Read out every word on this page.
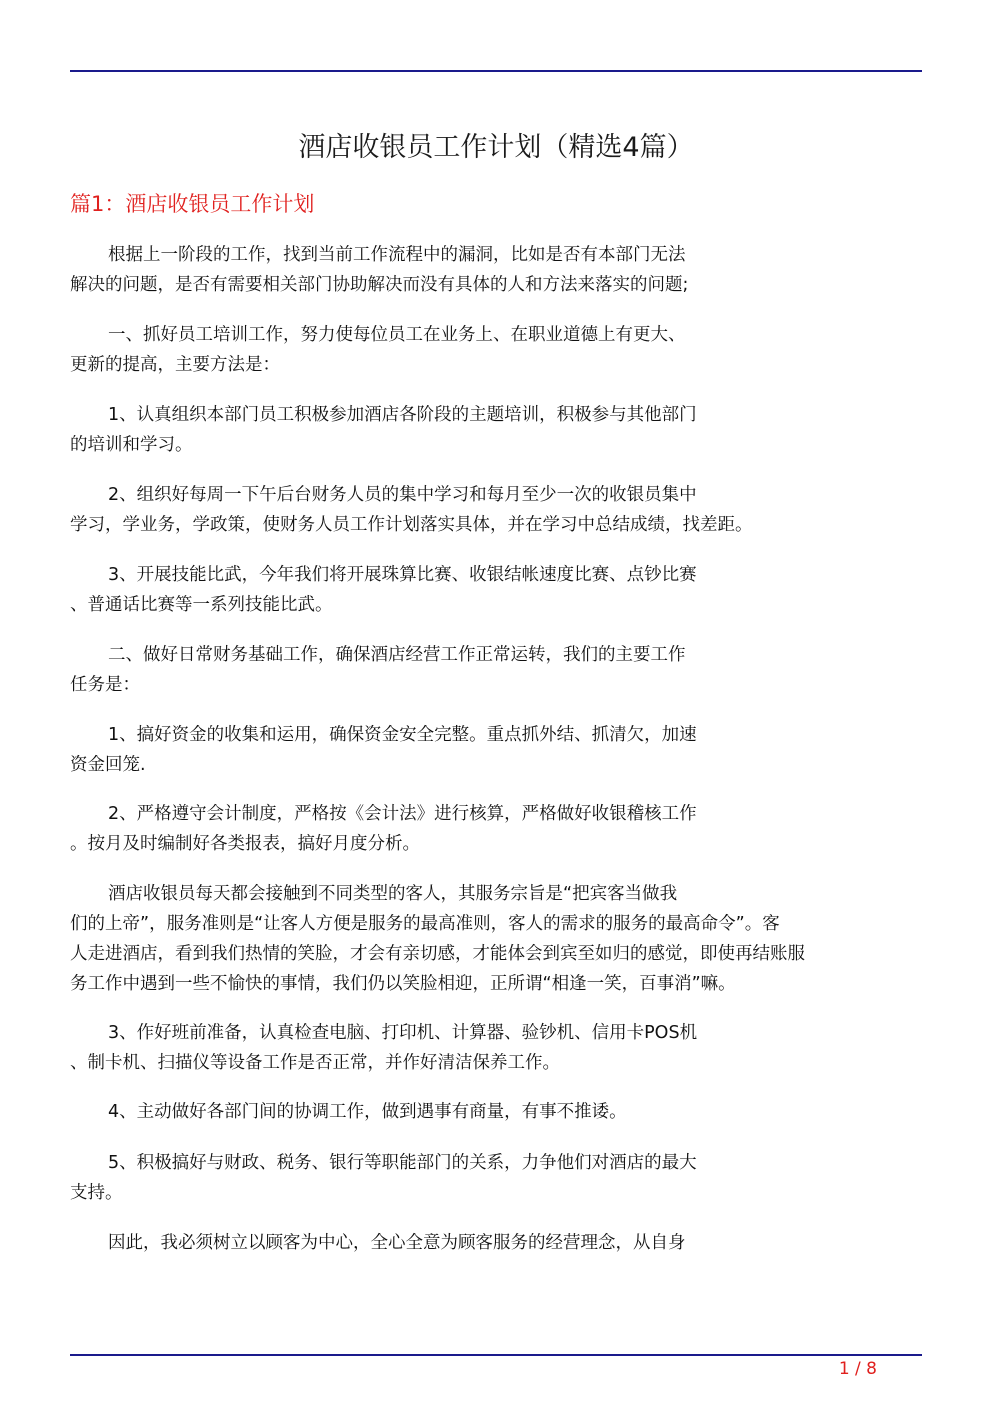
酒店收银员工作计划（精选4篇）
篇1：酒店收银员工作计划
根据上一阶段的工作，找到当前工作流程中的漏洞，比如是否有本部门无法
解决的问题，是否有需要相关部门协助解决而没有具体的人和方法来落实的问题;
一、抓好员工培训工作，努力使每位员工在业务上、在职业道德上有更大、
更新的提高，主要方法是：
1、认真组织本部门员工积极参加酒店各阶段的主题培训，积极参与其他部门
的培训和学习。
2、组织好每周一下午后台财务人员的集中学习和每月至少一次的收银员集中
学习，学业务，学政策，使财务人员工作计划落实具体，并在学习中总结成绩，找差距。
3、开展技能比武，今年我们将开展珠算比赛、收银结帐速度比赛、点钞比赛
、普通话比赛等一系列技能比武。
二、做好日常财务基础工作，确保酒店经营工作正常运转，我们的主要工作
任务是：
1、搞好资金的收集和运用，确保资金安全完整。重点抓外结、抓清欠，加速
资金回笼.
2、严格遵守会计制度，严格按《会计法》进行核算，严格做好收银稽核工作
。按月及时编制好各类报表，搞好月度分析。
酒店收银员每天都会接触到不同类型的客人，其服务宗旨是“把宾客当做我
们的上帝”，服务准则是“让客人方便是服务的最高准则，客人的需求的服务的最高命令”。客
人走进酒店，看到我们热情的笑脸，才会有亲切感，才能体会到宾至如归的感觉，即使再结账服
务工作中遇到一些不愉快的事情，我们仍以笑脸相迎，正所谓“相逢一笑，百事消”嘛。
3、作好班前准备，认真检查电脑、打印机、计算器、验钞机、信用卡POS机
、制卡机、扫描仪等设备工作是否正常，并作好清洁保养工作。
4、主动做好各部门间的协调工作，做到遇事有商量，有事不推诿。
5、积极搞好与财政、税务、银行等职能部门的关系，力争他们对酒店的最大
支持。
因此，我必须树立以顾客为中心，全心全意为顾客服务的经营理念，从自身
1 / 8
